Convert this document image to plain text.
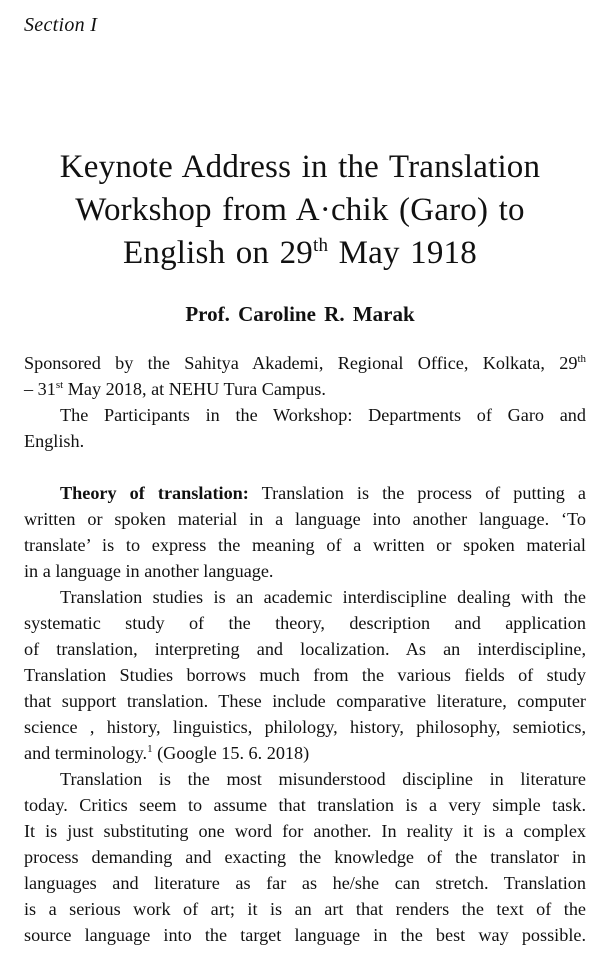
Section I
Keynote Address in the Translation
Workshop from A·chik (Garo) to
English on 29th May 1918
Prof. Caroline R. Marak
Sponsored by the Sahitya Akademi, Regional Office, Kolkata, 29th
– 31st May 2018, at NEHU Tura Campus.
The Participants in the Workshop: Departments of Garo and
English.
Theory of translation: Translation is the process of putting a
written or spoken material in a language into another language. ‘To
translate’ is to express the meaning of a written or spoken material
in a language in another language.
Translation studies is an academic interdiscipline dealing with the
systematic study of the theory, description and application
of translation, interpreting and localization. As an interdiscipline,
Translation Studies borrows much from the various fields of study
that support translation. These include comparative literature, computer
science , history, linguistics, philology, history, philosophy, semiotics,
and terminology.$^1$ (Google 15. 6. 2018)
Translation is the most misunderstood discipline in literature
today. Critics seem to assume that translation is a very simple task.
It is just substituting one word for another. In reality it is a complex
process demanding and exacting the knowledge of the translator in
languages and literature as far as he/she can stretch. Translation
is a serious work of art; it is an art that renders the text of the
source language into the target language in the best way possible.
